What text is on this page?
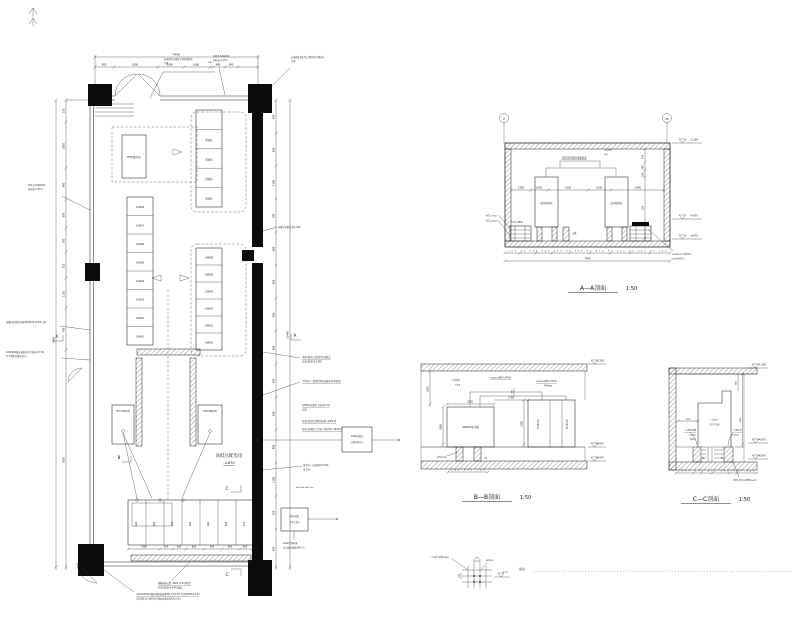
TM3(预留位)
1AN08
1AN07
1AN06
1AN05
1AN04
1AN03
1AN02
1AN01
预留柜
预留柜
预留柜
预留柜
2AN06
2AN05
2AN04
2AN03
2AN02
2AN01
TM1 500kVA	TM2 800kVA
高低压配电房
-4.870
AA1	AA2	AA3	AA4	AA5	AA6	AA7
A	A
B
C
C
7440
800	1800	1080	1080
140
480	540
150
2850
900
600
500
550
1150
700
7050
6450
800
800
1100
500
800
800
500
800
800
500
800
1100
550
800
21440
1580	600	600	800	800	800	800 1000
桥架预留孔洞按平顶标高敷设
吊顶
10d-5-100(2D)
底标高-2.17m
长条形孔洞水泵房预留按平顶标高
吊顶
10d-2-100(200)
底标高-2.17m
电缆桥架预留孔洞(200X100)-4-P4 吊顶
100X100镀锌电缆桥架 底标高-2.17m
异手间距电缆桥架引上
电缆桥架做法详见-100
垂直电缆沟盖板预留孔洞做法
参见02D501-2-P图
引至地下一层预留间隔电缆桥架(穿梁处)
1X35kV电缆管 底标高2.2m
吊顶
桥架由预留孔洞敷设电缆 -40X4 图
桥架在地面以下走梁, 具体详图 -40X4 图
墙中线上人梯窗(10cm)埋
垂手间
h=2.2m la=1.0m
10kV电源由
市政电网引入
低压电缆
引至水泵房
10kV进线电缆
由市政电网预埋管引入
屏蔽接地扁钢 -40X4 (1.2m埋深)
参见02D501-4-P13做法
-100X100X10镀锌钢板接地预埋件 h=0.3m 参见02D501-2-25
与相邻柱内主筋焊接可靠连接做法A(GA1,A另)
备注:
2	10
低压配电柜	低压配电柜
支墩
150X100镀锌电缆桥架
安装标高
200
电缆支架敷设
标高-3.90m
标高-4.60m
100X100 电缆桥架由
10kV柜底接入
1280	1000	2300	1000	1940
540
200
160
720
200 90 500 240 500 90 595 90 870 90 300 90 500 90 250
7440
-1.200
-4.870
-6.870
A—A剖面	1:50
800kVA变压器
240 500 240
支墩见结施	土建
低压配电柜	低压配电柜
电缆桥架
700A
100X100镀锌电缆桥架
100X100镀锌电缆桥架
吊顶M40
2500
1750
1650
1800
2300
200
-1.200
-4.870
-6.870
B—B剖面	1:50
(1500)
高压开关柜
二次侧母线槽
∠180a
预留孔
一次侧电缆
∠150a
1000	2500
500
1600 200 450 550 200 300
预制电缆沟电缆敷设(h2处)
-1.200
-4.870
-6.870
C—C剖面	1:50
100
100
上人梯栏 扁钢-40X4
4孔Φ20
-1.2m
